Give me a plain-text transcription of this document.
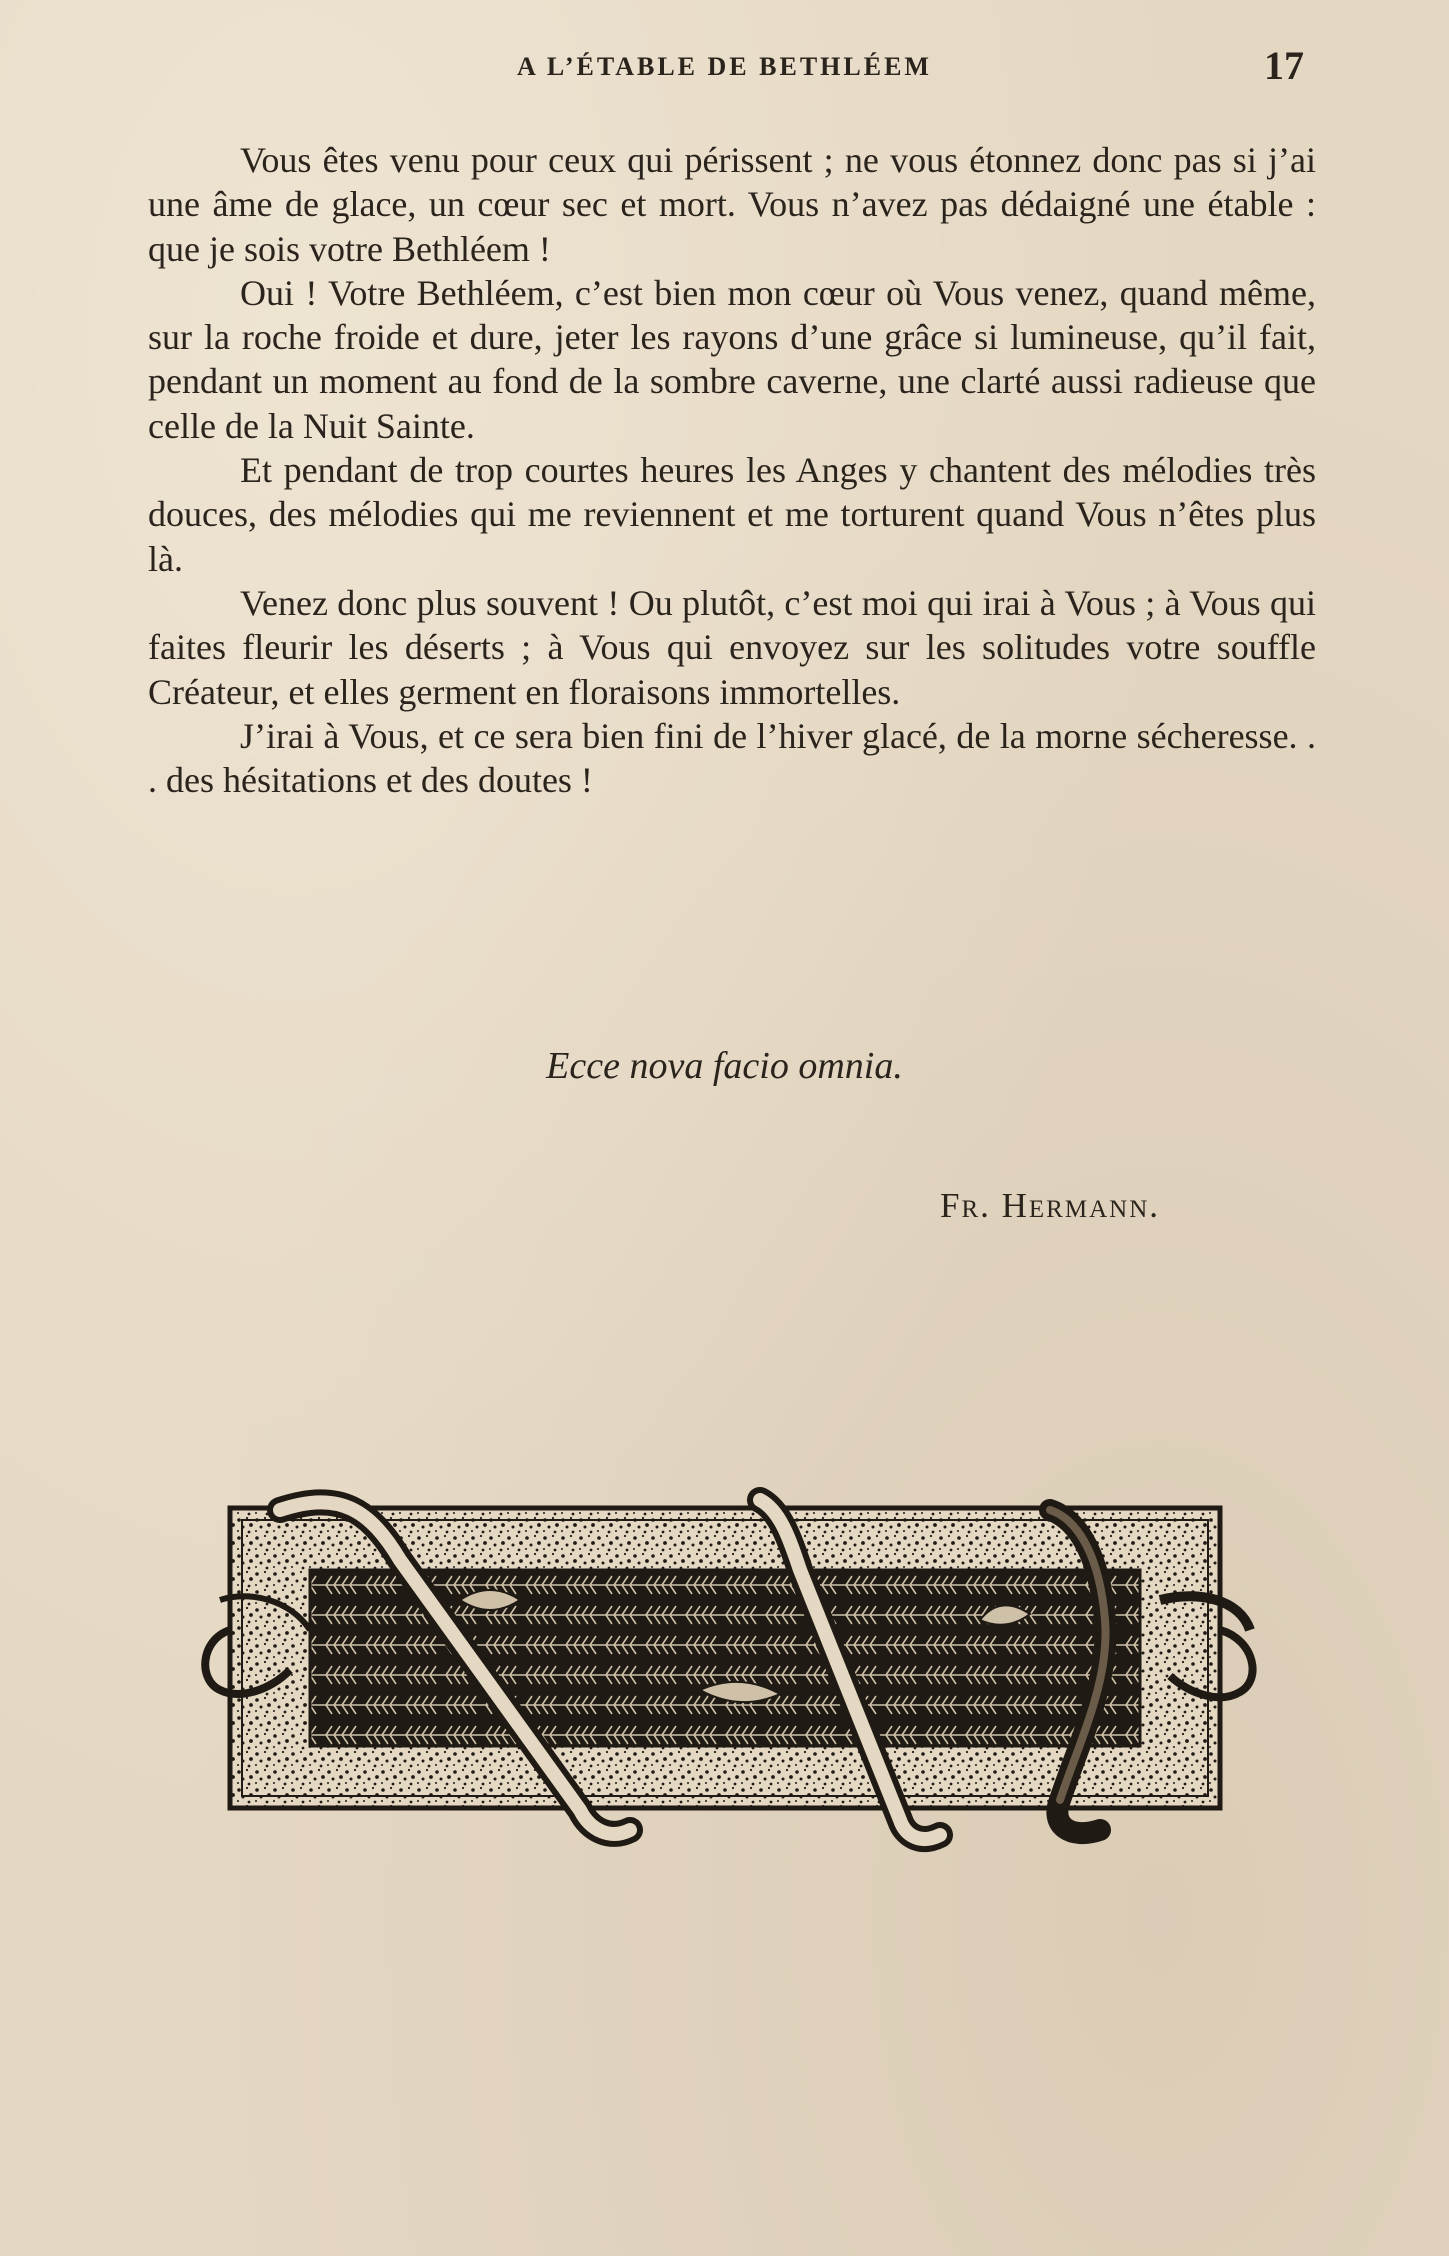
A L’ÉTABLE DE BETHLÉEM	17

Vous êtes venu pour ceux qui périssent ; ne vous étonnez donc pas si j’ai une âme de glace, un cœur sec et mort. Vous n’avez pas dédaigné une étable : que je sois votre Bethléem !

Oui ! Votre Bethléem, c’est bien mon cœur où Vous venez, quand même, sur la roche froide et dure, jeter les rayons d’une grâce si lumineuse, qu’il fait, pendant un moment au fond de la sombre caverne, une clarté aussi radieuse que celle de la Nuit Sainte.

Et pendant de trop courtes heures les Anges y chantent des mélodies très douces, des mélodies qui me reviennent et me torturent quand Vous n’êtes plus là.

Venez donc plus souvent ! Ou plutôt, c’est moi qui irai à Vous ; à Vous qui faites fleurir les déserts ; à Vous qui envoyez sur les solitudes votre souffle Créateur, et elles germent en floraisons immortelles.

J’irai à Vous, et ce sera bien fini de l’hiver glacé, de la morne sécheresse. . . des hésitations et des doutes !

Ecce nova facio omnia.
Fr. Hermann.
